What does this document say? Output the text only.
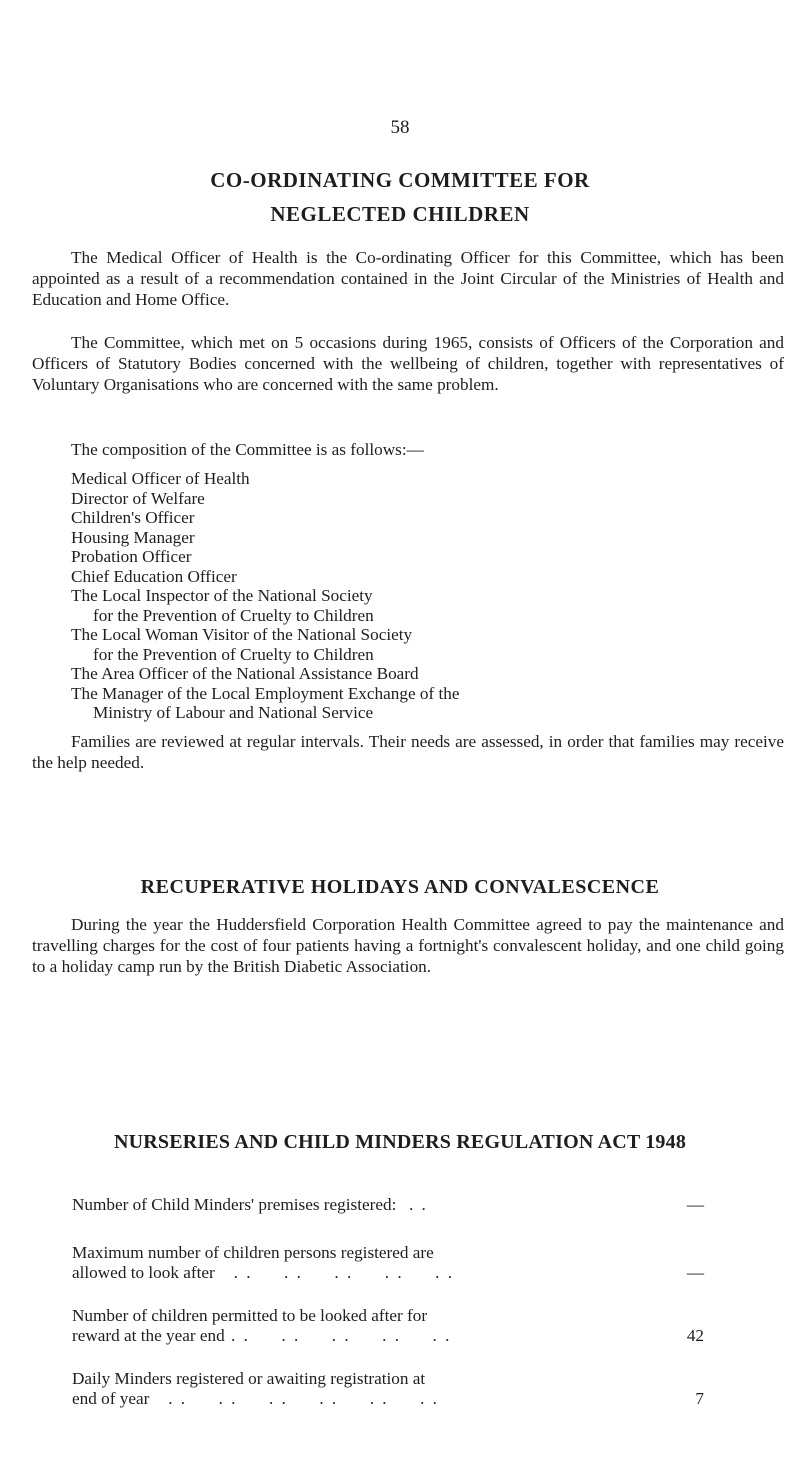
58
CO-ORDINATING COMMITTEE FOR
NEGLECTED CHILDREN

The Medical Officer of Health is the Co-ordinating Officer for this Committee, which has been appointed as a result of a recommendation contained in the Joint Circular of the Ministries of Health and Education and Home Office.

The Committee, which met on 5 occasions during 1965, consists of Officers of the Corporation and Officers of Statutory Bodies concerned with the wellbeing of children, together with representatives of Voluntary Organisations who are concerned with the same problem.

The composition of the Committee is as follows:—

Medical Officer of Health
Director of Welfare
Children's Officer
Housing Manager
Probation Officer
Chief Education Officer
The Local Inspector of the National Society
for the Prevention of Cruelty to Children
The Local Woman Visitor of the National Society
for the Prevention of Cruelty to Children
The Area Officer of the National Assistance Board
The Manager of the Local Employment Exchange of the
Ministry of Labour and National Service

Families are reviewed at regular intervals. Their needs are assessed, in order that families may receive the help needed.

RECUPERATIVE HOLIDAYS AND CONVALESCENCE

During the year the Huddersfield Corporation Health Committee agreed to pay the maintenance and travelling charges for the cost of four patients having a fortnight's convalescent holiday, and one child going to a holiday camp run by the British Diabetic Association.

NURSERIES AND CHILD MINDERS REGULATION ACT 1948
Number of Child Minders' premises registered:  . .	—
Maximum number of children persons registered are
allowed to look after   . .     . .     . .     . .     . .	—
Number of children permitted to be looked after for
reward at the year end . .     . .     . .     . .     . .	42
Daily Minders registered or awaiting registration at
end of year   . .     . .     . .     . .     . .     . .	7
